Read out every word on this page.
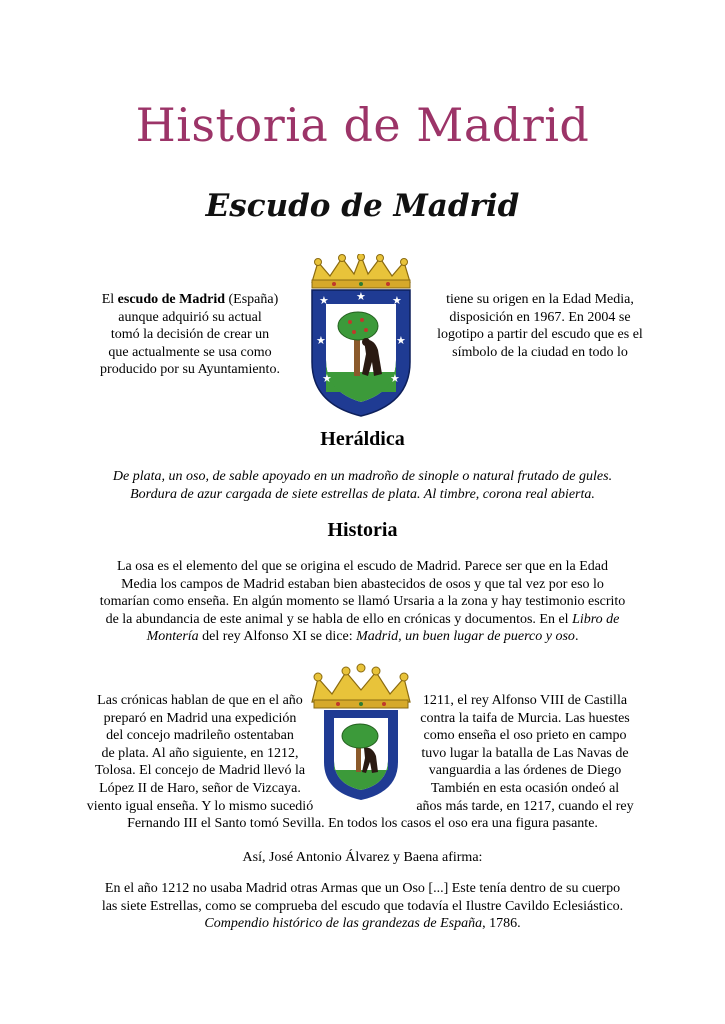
Historia de Madrid
Escudo de Madrid
El escudo de Madrid (España)
aunque adquirió su actual
tomó la decisión de crear un
que actualmente se usa como
producido por su Ayuntamiento.
tiene su origen en la Edad Media,
disposición en 1967. En 2004 se
logotipo a partir del escudo que es el
símbolo de la ciudad en todo lo
★ ★ ★
★	★
★	★
Heráldica
De plata, un oso, de sable apoyado en un madroño de sinople o natural frutado de gules.
Bordura de azur cargada de siete estrellas de plata. Al timbre, corona real abierta.
Historia
La osa es el elemento del que se origina el escudo de Madrid. Parece ser que en la Edad
Media los campos de Madrid estaban bien abastecidos de osos y que tal vez por eso lo
tomarían como enseña. En algún momento se llamó Ursaria a la zona y hay testimonio escrito
de la abundancia de este animal y se habla de ello en crónicas y documentos. En el Libro de
Montería del rey Alfonso XI se dice: Madrid, un buen lugar de puerco y oso.
Las crónicas hablan de que en el año
preparó en Madrid una expedición
del concejo madrileño ostentaban
de plata. Al año siguiente, en 1212,
Tolosa. El concejo de Madrid llevó la
López II de Haro, señor de Vizcaya.
viento igual enseña. Y lo mismo sucedió
1211, el rey Alfonso VIII de Castilla
contra la taifa de Murcia. Las huestes
como enseña el oso prieto en campo
tuvo lugar la batalla de Las Navas de
vanguardia a las órdenes de Diego
También en esta ocasión ondeó al
años más tarde, en 1217, cuando el rey
Fernando III el Santo tomó Sevilla. En todos los casos el oso era una figura pasante.
Así, José Antonio Álvarez y Baena afirma:
En el año 1212 no usaba Madrid otras Armas que un Oso [...] Este tenía dentro de su cuerpo
las siete Estrellas, como se comprueba del escudo que todavía el Ilustre Cavildo Eclesiástico.
Compendio histórico de las grandezas de España, 1786.
